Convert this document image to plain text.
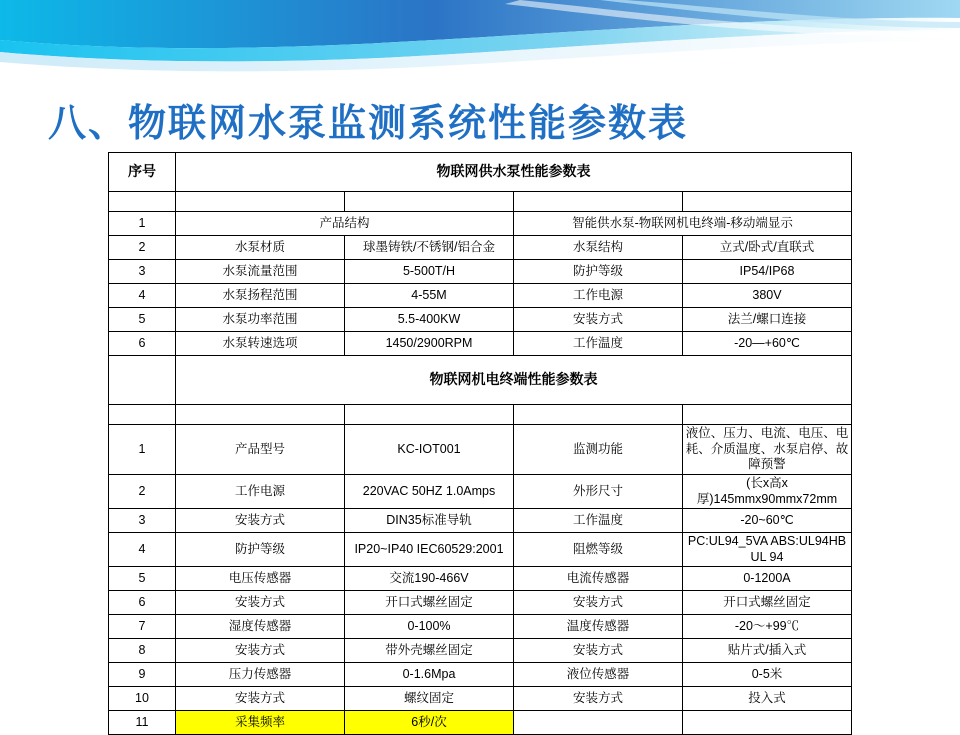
八、物联网水泵监测系统性能参数表
序号	物联网供水泵性能参数表			

1	产品结构		智能供水泵-物联网机电终端-移动端显示	
2	水泵材质	球墨铸铁/不锈钢/铝合金	水泵结构	立式/卧式/直联式
3	水泵流量范围	5-500T/H	防护等级	IP54/IP68
4	水泵扬程范围	4-55M	工作电源	380V
5	水泵功率范围	5.5-400KW	安装方式	法兰/螺口连接
6	水泵转速选项	1450/2900RPM	工作温度	-20—+60℃
	物联网机电终端性能参数表			

1	产品型号	KC-IOT001	监测功能	液位、压力、电流、电压、电耗、介质温度、水泵启停、故障预警
2	工作电源	220VAC 50HZ 1.0Amps	外形尺寸	(长x高x厚)145mmx90mmx72mm
3	安装方式	DIN35标准导轨	工作温度	-20~60℃
4	防护等级	IP20~IP40 IEC60529:2001	阻燃等级	PC:UL94_5VA ABS:UL94HB UL 94
5	电压传感器	交流190-466V	电流传感器	0-1200A
6	安装方式	开口式螺丝固定	安装方式	开口式螺丝固定
7	湿度传感器	0-100%	温度传感器	-20～+99℃
8	安装方式	带外壳螺丝固定	安装方式	贴片式/插入式
9	压力传感器	0-1.6Mpa	液位传感器	0-5米
10	安装方式	螺纹固定	安装方式	投入式
11	采集频率	6秒/次		
